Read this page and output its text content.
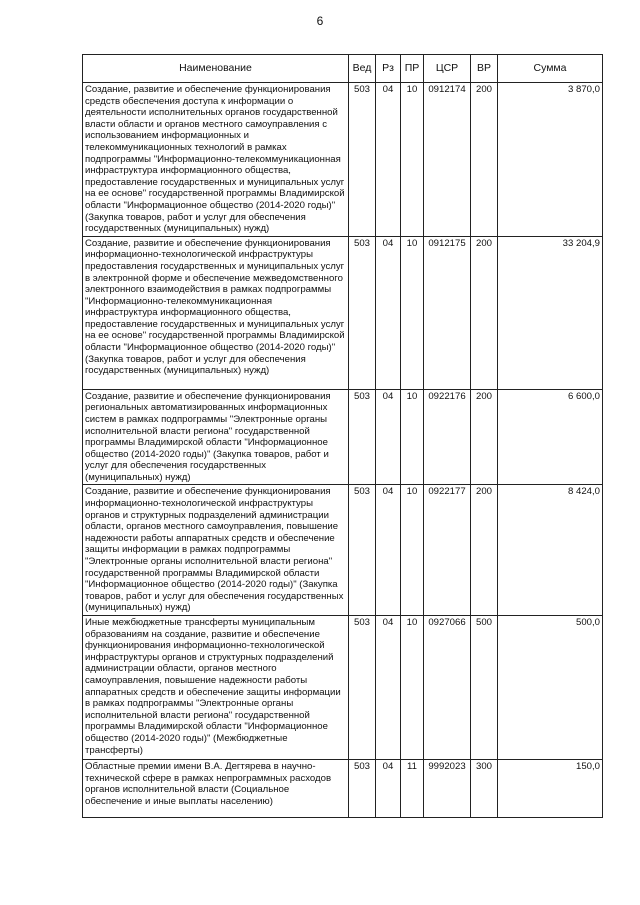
6
Наименование	Вед	Рз	ПР	ЦСР	ВР	Сумма
Создание, развитие и обеспечение функционирования средств обеспечения доступа к информации о деятельности исполнительных органов государственной власти области и органов местного самоуправления с использованием информационных и телекоммуникационных технологий в рамках подпрограммы "Информационно-телекоммуникационная инфраструктура информационного общества, предоставление государственных и муниципальных услуг на ее основе" государственной программы Владимирской области "Информационное общество (2014-2020 годы)" (Закупка товаров, работ и услуг для обеспечения государственных (муниципальных) нужд)	503	04	10	0912174	200	3 870,0
Создание, развитие и обеспечение функционирования информационно-технологической инфраструктуры предоставления государственных и муниципальных услуг в электронной форме и обеспечение межведомственного электронного взаимодействия в рамках подпрограммы "Информационно-телекоммуникационная инфраструктура информационного общества, предоставление государственных и муниципальных услуг на ее основе" государственной программы Владимирской области "Информационное общество (2014-2020 годы)" (Закупка товаров, работ и услуг для обеспечения государственных (муниципальных) нужд)	503	04	10	0912175	200	33 204,9
Создание, развитие и обеспечение функционирования региональных автоматизированных информационных систем в рамках подпрограммы "Электронные органы исполнительной власти региона" государственной программы Владимирской области "Информационное общество (2014-2020 годы)" (Закупка товаров, работ и услуг для обеспечения государственных (муниципальных) нужд)	503	04	10	0922176	200	6 600,0
Создание, развитие и обеспечение функционирования информационно-технологической инфраструктуры органов и структурных подразделений администрации области, органов местного самоуправления, повышение надежности работы аппаратных средств и обеспечение защиты информации в рамках подпрограммы "Электронные органы исполнительной власти региона" государственной программы Владимирской области "Информационное общество (2014-2020 годы)" (Закупка товаров, работ и услуг для обеспечения государственных (муниципальных) нужд)	503	04	10	0922177	200	8 424,0
Иные межбюджетные трансферты муниципальным образованиям на создание, развитие и обеспечение функционирования информационно-технологической инфраструктуры органов и структурных подразделений администрации области, органов местного самоуправления, повышение надежности работы аппаратных средств и обеспечение защиты информации в рамках подпрограммы "Электронные органы исполнительной власти региона" государственной программы Владимирской области "Информационное общество (2014-2020 годы)" (Межбюджетные трансферты)	503	04	10	0927066	500	500,0
Областные премии имени В.А. Дегтярева в научно-технической сфере в рамках непрограммных расходов органов исполнительной власти (Социальное обеспечение и иные выплаты населению)	503	04	11	9992023	300	150,0
